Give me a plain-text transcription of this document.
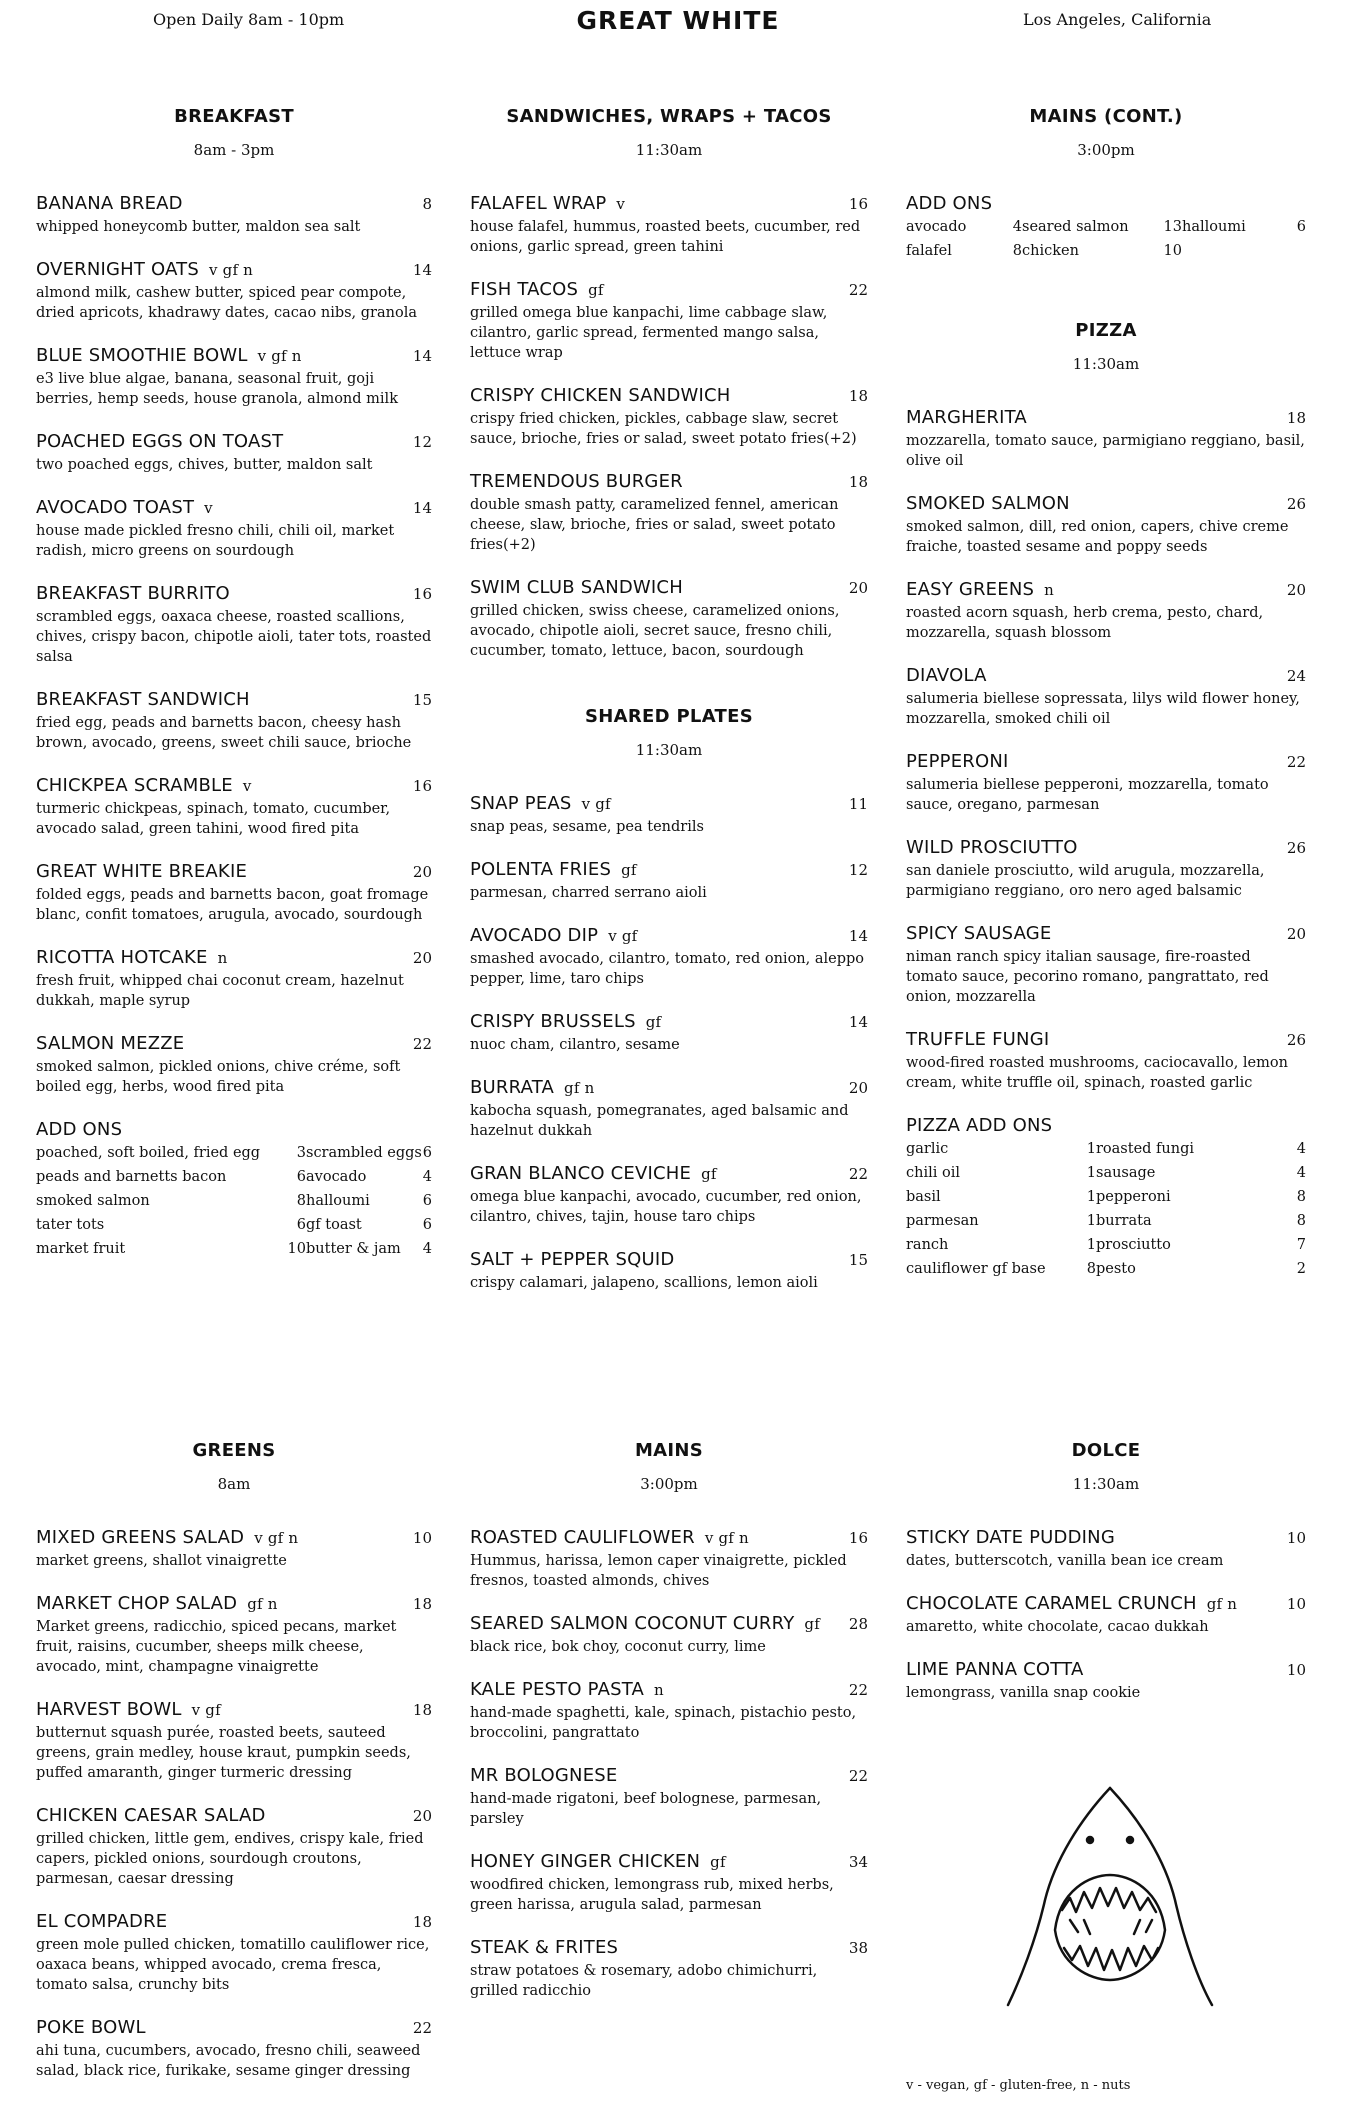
Open Daily 8am - 10pm	GREAT WHITE	Los Angeles, California
BREAKFAST
8am - 3pm
BANANA BREAD	8
whipped honeycomb butter, maldon sea salt
OVERNIGHT OATS v gf n	14
almond milk, cashew butter, spiced pear compote, dried apricots, khadrawy dates, cacao nibs, granola
BLUE SMOOTHIE BOWL v gf n	14
e3 live blue algae, banana, seasonal fruit, goji berries, hemp seeds, house granola, almond milk
POACHED EGGS ON TOAST	12
two poached eggs, chives, butter, maldon salt
AVOCADO TOAST v	14
house made pickled fresno chili, chili oil, market radish, micro greens on sourdough
BREAKFAST BURRITO	16
scrambled eggs, oaxaca cheese, roasted scallions, chives, crispy bacon, chipotle aioli, tater tots, roasted salsa
BREAKFAST SANDWICH	15
fried egg, peads and barnetts bacon, cheesy hash brown, avocado, greens, sweet chili sauce, brioche
CHICKPEA SCRAMBLE v	16
turmeric chickpeas, spinach, tomato, cucumber, avocado salad, green tahini, wood fired pita
GREAT WHITE BREAKIE	20
folded eggs, peads and barnetts bacon, goat fromage blanc, confit tomatoes, arugula, avocado, sourdough
RICOTTA HOTCAKE n	20
fresh fruit, whipped chai coconut cream, hazelnut dukkah, maple syrup
SALMON MEZZE	22
smoked salmon, pickled onions, chive créme, soft boiled egg, herbs, wood fired pita
ADD ONS
poached, soft boiled, fried egg	3 scrambled eggs 6
peads and barnetts bacon	6 avocado	4
smoked salmon	8 halloumi	6
tater tots	6 gf toast	6
market fruit	10 butter & jam	4
SANDWICHES, WRAPS + TACOS
11:30am
FALAFEL WRAP v	16
house falafel, hummus, roasted beets, cucumber, red onions, garlic spread, green tahini
FISH TACOS gf	22
grilled omega blue kanpachi, lime cabbage slaw, cilantro, garlic spread, fermented mango salsa, lettuce wrap
CRISPY CHICKEN SANDWICH	18
crispy fried chicken, pickles, cabbage slaw, secret sauce, brioche, fries or salad, sweet potato fries(+2)
TREMENDOUS BURGER	18
double smash patty, caramelized fennel, american cheese, slaw, brioche, fries or salad, sweet potato fries(+2)
SWIM CLUB SANDWICH	20
grilled chicken, swiss cheese, caramelized onions, avocado, chipotle aioli, secret sauce, fresno chili, cucumber, tomato, lettuce, bacon, sourdough
SHARED PLATES
11:30am
SNAP PEAS v gf	11
snap peas, sesame, pea tendrils
POLENTA FRIES gf	12
parmesan, charred serrano aioli
AVOCADO DIP v gf	14
smashed avocado, cilantro, tomato, red onion, aleppo pepper, lime, taro chips
CRISPY BRUSSELS gf	14
nuoc cham, cilantro, sesame
BURRATA gf n	20
kabocha squash, pomegranates, aged balsamic and hazelnut dukkah
GRAN BLANCO CEVICHE gf	22
omega blue kanpachi, avocado, cucumber, red onion, cilantro, chives, tajin, house taro chips
SALT + PEPPER SQUID	15
crispy calamari, jalapeno, scallions, lemon aioli
MAINS (CONT.)
3:00pm
ADD ONS
avocado	4 seared salmon	13 halloumi	6
falafel	8 chicken	10
PIZZA
11:30am
MARGHERITA	18
mozzarella, tomato sauce, parmigiano reggiano, basil, olive oil
SMOKED SALMON	26
smoked salmon, dill, red onion, capers, chive creme fraiche, toasted sesame and poppy seeds
EASY GREENS n	20
roasted acorn squash, herb crema, pesto, chard, mozzarella, squash blossom
DIAVOLA	24
salumeria biellese sopressata, lilys wild flower honey, mozzarella, smoked chili oil
PEPPERONI	22
salumeria biellese pepperoni, mozzarella, tomato sauce, oregano, parmesan
WILD PROSCIUTTO	26
san daniele prosciutto, wild arugula, mozzarella, parmigiano reggiano, oro nero aged balsamic
SPICY SAUSAGE	20
niman ranch spicy italian sausage, fire-roasted tomato sauce, pecorino romano, pangrattato, red onion, mozzarella
TRUFFLE FUNGI	26
wood-fired roasted mushrooms, caciocavallo, lemon cream, white truffle oil, spinach, roasted garlic
PIZZA ADD ONS
garlic	1 roasted fungi	4
chili oil	1 sausage	4
basil	1 pepperoni	8
parmesan	1 burrata	8
ranch	1 prosciutto	7
cauliflower gf base	8 pesto	2
GREENS
8am
MIXED GREENS SALAD v gf n	10
market greens, shallot vinaigrette
MARKET CHOP SALAD gf n	18
Market greens, radicchio, spiced pecans, market fruit, raisins, cucumber, sheeps milk cheese, avocado, mint, champagne vinaigrette
HARVEST BOWL v gf	18
butternut squash purée, roasted beets, sauteed greens, grain medley, house kraut, pumpkin seeds, puffed amaranth, ginger turmeric dressing
CHICKEN CAESAR SALAD	20
grilled chicken, little gem, endives, crispy kale, fried capers, pickled onions, sourdough croutons, parmesan, caesar dressing
EL COMPADRE	18
green mole pulled chicken, tomatillo cauliflower rice, oaxaca beans, whipped avocado, crema fresca, tomato salsa, crunchy bits
POKE BOWL	22
ahi tuna, cucumbers, avocado, fresno chili, seaweed salad, black rice, furikake, sesame ginger dressing
MAINS
3:00pm
ROASTED CAULIFLOWER v gf n	16
Hummus, harissa, lemon caper vinaigrette, pickled fresnos, toasted almonds, chives
SEARED SALMON COCONUT CURRY gf	28
black rice, bok choy, coconut curry, lime
KALE PESTO PASTA n	22
hand-made spaghetti, kale, spinach, pistachio pesto, broccolini, pangrattato
MR BOLOGNESE	22
hand-made rigatoni, beef bolognese, parmesan, parsley
HONEY GINGER CHICKEN gf	34
woodfired chicken, lemongrass rub, mixed herbs, green harissa, arugula salad, parmesan
STEAK & FRITES	38
straw potatoes & rosemary, adobo chimichurri, grilled radicchio
DOLCE
11:30am
STICKY DATE PUDDING	10
dates, butterscotch, vanilla bean ice cream
CHOCOLATE CARAMEL CRUNCH gf n	10
amaretto, white chocolate, cacao dukkah
LIME PANNA COTTA	10
lemongrass, vanilla snap cookie
v - vegan, gf - gluten-free, n - nuts
